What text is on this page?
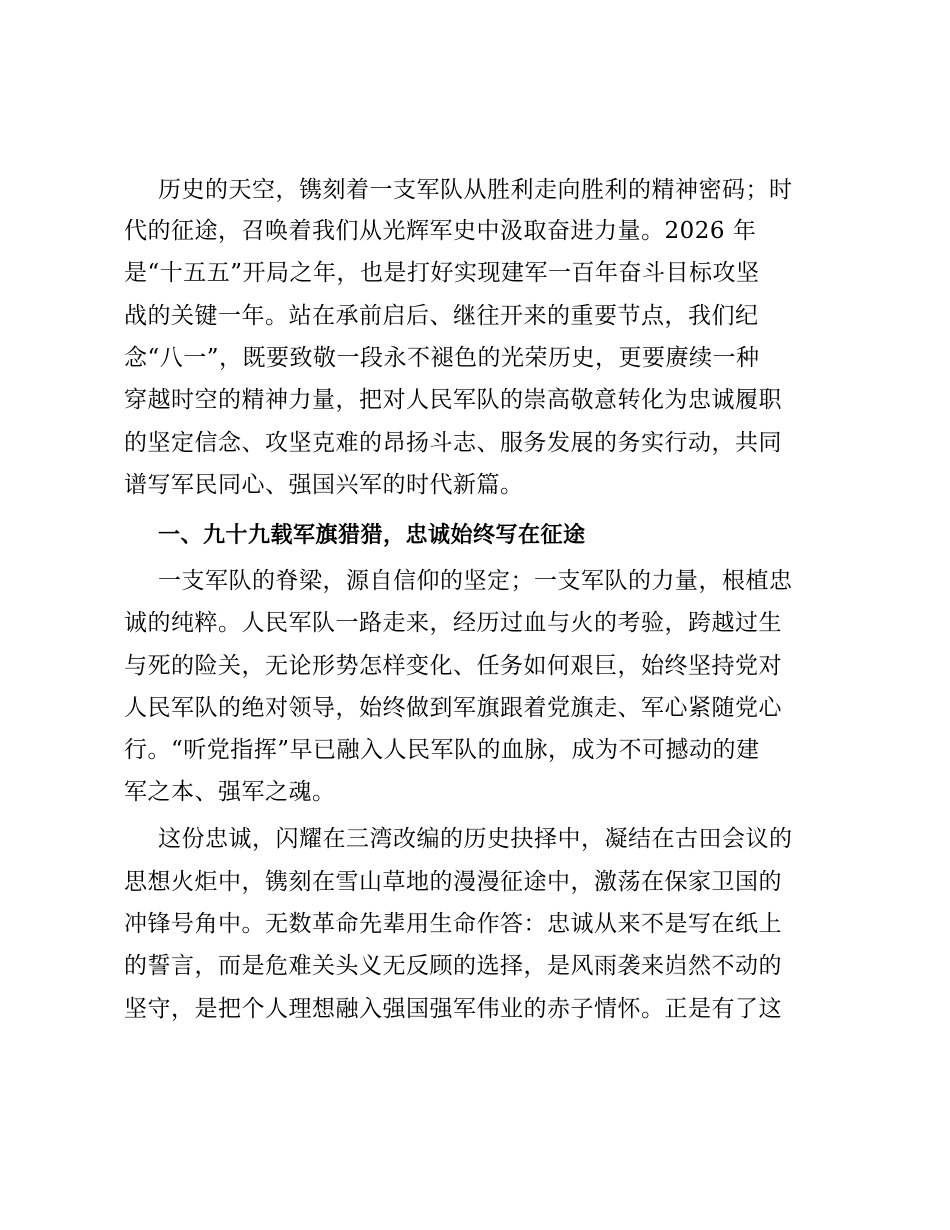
历史的天空，镌刻着一支军队从胜利走向胜利的精神密码；时
代的征途，召唤着我们从光辉军史中汲取奋进力量。2026 年
是“十五五”开局之年，也是打好实现建军一百年奋斗目标攻坚
战的关键一年。站在承前启后、继往开来的重要节点，我们纪
念“八一”，既要致敬一段永不褪色的光荣历史，更要赓续一种
穿越时空的精神力量，把对人民军队的崇高敬意转化为忠诚履职
的坚定信念、攻坚克难的昂扬斗志、服务发展的务实行动，共同
谱写军民同心、强国兴军的时代新篇。
一、九十九载军旗猎猎，忠诚始终写在征途
一支军队的脊梁，源自信仰的坚定；一支军队的力量，根植忠
诚的纯粹。人民军队一路走来，经历过血与火的考验，跨越过生
与死的险关，无论形势怎样变化、任务如何艰巨，始终坚持党对
人民军队的绝对领导，始终做到军旗跟着党旗走、军心紧随党心
行。“听党指挥”早已融入人民军队的血脉，成为不可撼动的建
军之本、强军之魂。
这份忠诚，闪耀在三湾改编的历史抉择中，凝结在古田会议的
思想火炬中，镌刻在雪山草地的漫漫征途中，激荡在保家卫国的
冲锋号角中。无数革命先辈用生命作答：忠诚从来不是写在纸上
的誓言，而是危难关头义无反顾的选择，是风雨袭来岿然不动的
坚守，是把个人理想融入强国强军伟业的赤子情怀。正是有了这
